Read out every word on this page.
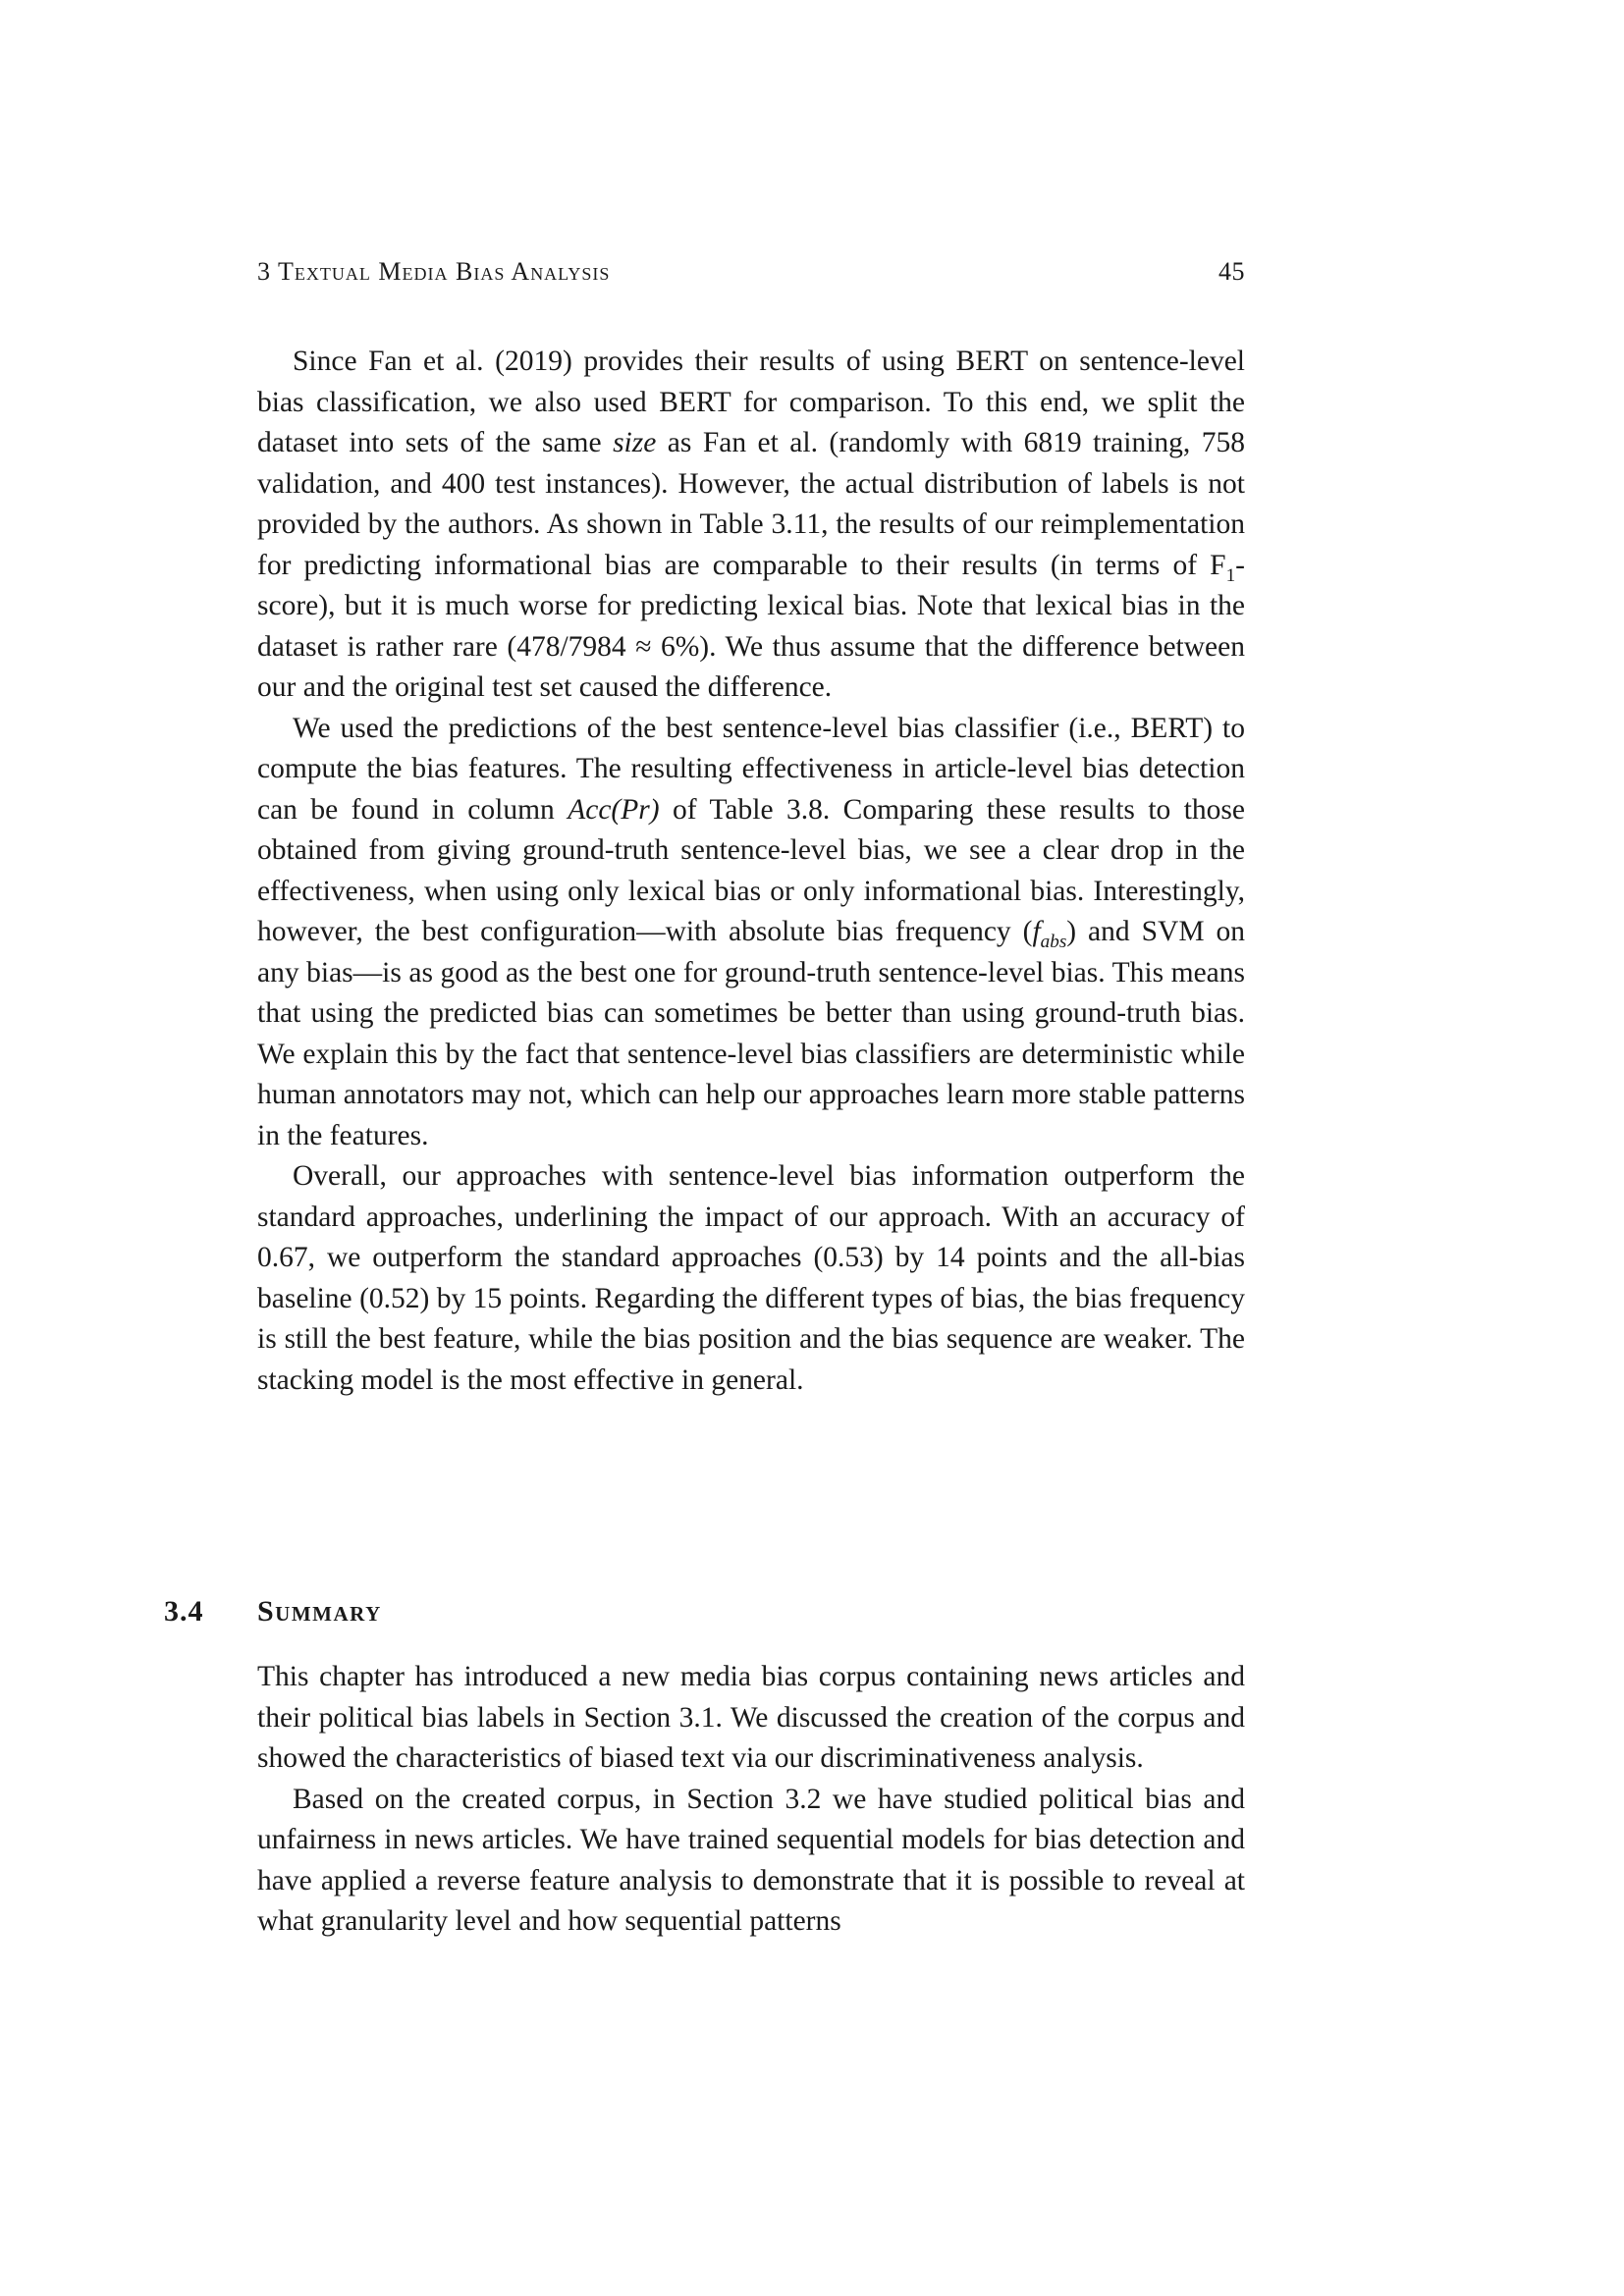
3 Textual Media Bias Analysis	45

Since Fan et al. (2019) provides their results of using BERT on sentence-level bias classification, we also used BERT for comparison. To this end, we split the dataset into sets of the same size as Fan et al. (randomly with 6819 training, 758 validation, and 400 test instances). However, the actual distribution of labels is not provided by the authors. As shown in Table 3.11, the results of our reimplementation for predicting informational bias are comparable to their results (in terms of $F_1-score$), but it is much worse for predicting lexical bias. Note that lexical bias in the dataset is rather rare (478/7984 ≈ 6%). We thus assume that the difference between our and the original test set caused the difference.

We used the predictions of the best sentence-level bias classifier (i.e., BERT) to compute the bias features. The resulting effectiveness in article-level bias detection can be found in column Acc(Pr) of Table 3.8. Comparing these results to those obtained from giving ground-truth sentence-level bias, we see a clear drop in the effectiveness, when using only lexical bias or only informational bias. Interestingly, however, the best configuration—with absolute bias frequency $(f_{abs})$ and SVM on any bias—is as good as the best one for ground-truth sentence-level bias. This means that using the predicted bias can sometimes be better than using ground-truth bias. We explain this by the fact that sentence-level bias classifiers are deterministic while human annotators may not, which can help our approaches learn more stable patterns in the features.

Overall, our approaches with sentence-level bias information outperform the standard approaches, underlining the impact of our approach. With an accuracy of 0.67, we outperform the standard approaches (0.53) by 14 points and the all-bias baseline (0.52) by 15 points. Regarding the different types of bias, the bias frequency is still the best feature, while the bias position and the bias sequence are weaker. The stacking model is the most effective in general.

3.4	Summary

This chapter has introduced a new media bias corpus containing news articles and their political bias labels in Section 3.1. We discussed the creation of the corpus and showed the characteristics of biased text via our discriminativeness analysis.

Based on the created corpus, in Section 3.2 we have studied political bias and unfairness in news articles. We have trained sequential models for bias detection and have applied a reverse feature analysis to demonstrate that it is possible to reveal at what granularity level and how sequential patterns
